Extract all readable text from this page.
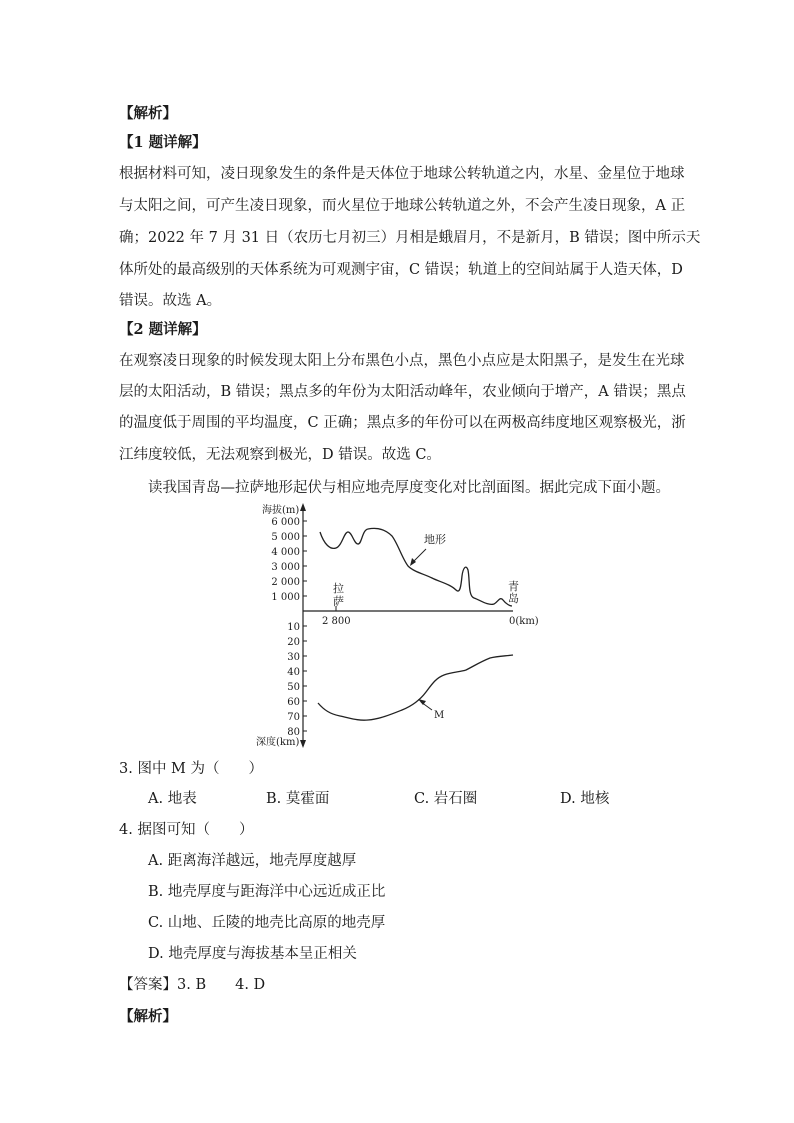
【解析】
【1 题详解】
根据材料可知，凌日现象发生的条件是天体位于地球公转轨道之内，水星、金星位于地球
与太阳之间，可产生凌日现象，而火星位于地球公转轨道之外，不会产生凌日现象，A 正
确；2022 年 7 月 31 日（农历七月初三）月相是蛾眉月，不是新月，B 错误；图中所示天
体所处的最高级别的天体系统为可观测宇宙，C 错误；轨道上的空间站属于人造天体，D
错误。故选 A。
【2 题详解】
在观察凌日现象的时候发现太阳上分布黑色小点，黑色小点应是太阳黑子，是发生在光球
层的太阳活动，B 错误；黑点多的年份为太阳活动峰年，农业倾向于增产，A 错误；黑点
的温度低于周围的平均温度，C 正确；黑点多的年份可以在两极高纬度地区观察极光，浙
江纬度较低，无法观察到极光，D 错误。故选 C。
读我国青岛—拉萨地形起伏与相应地壳厚度变化对比剖面图。据此完成下面小题。
海拔(m)
6 000
5 000
4 000
3 000
2 000
1 000
10
20
30
40
50
60
70
80
深度(km)
2 800	0(km)
拉
萨
青
岛
地形
M
3. 图中 M 为（　　）
A. 地表	B. 莫霍面	C. 岩石圈	D. 地核
4. 据图可知（　　）
A. 距离海洋越远，地壳厚度越厚
B. 地壳厚度与距海洋中心远近成正比
C. 山地、丘陵的地壳比高原的地壳厚
D. 地壳厚度与海拔基本呈正相关
【答案】3. B　　4. D
【解析】
